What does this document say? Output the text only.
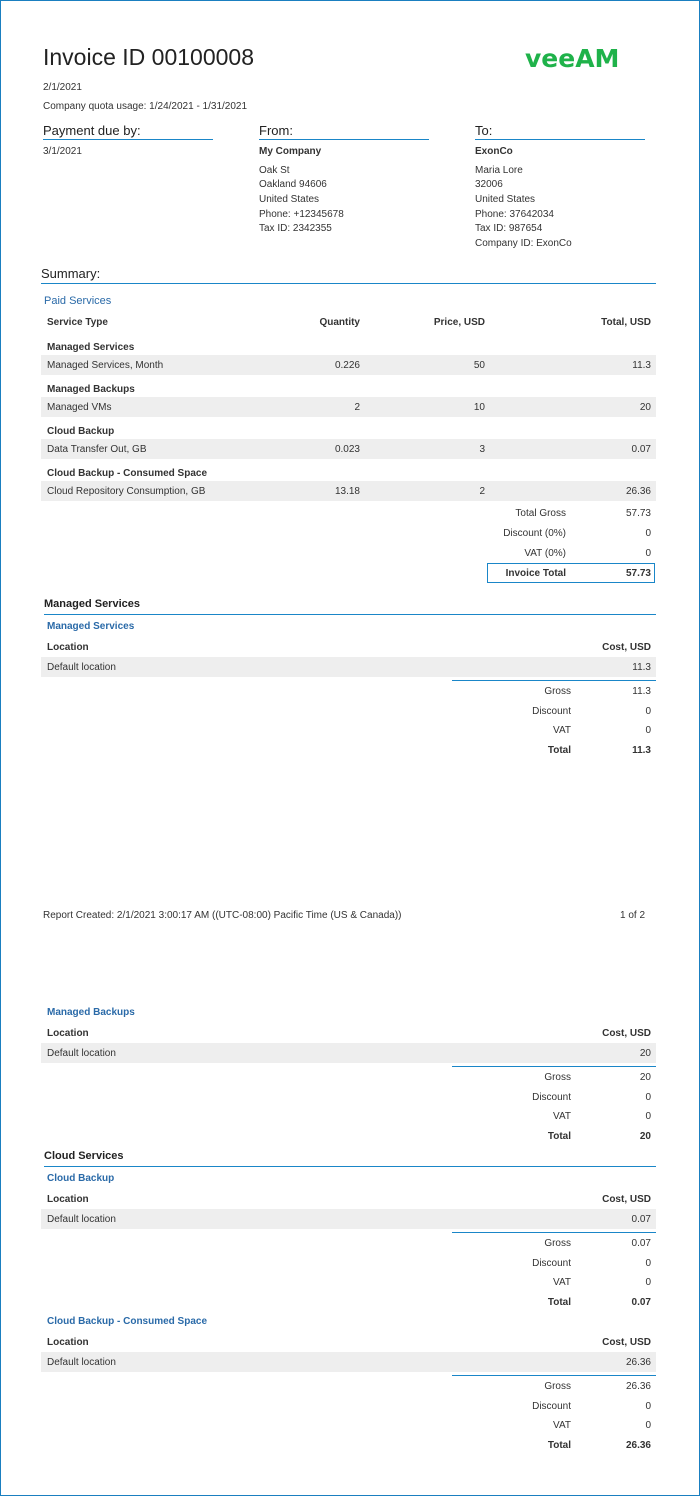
Invoice ID 00100008	veeAM
2/1/2021
Company quota usage: 1/24/2021 - 1/31/2021
Payment due by:
3/1/2021
From:
My Company
Oak St
Oakland 94606
United States
Phone: +12345678
Tax ID: 2342355
To:
ExonCo
Maria Lore
32006
United States
Phone: 37642034
Tax ID: 987654
Company ID: ExonCo
Summary:
Paid Services
Service Type	Quantity	Price, USD	Total, USD
Managed Services
Managed Services, Month	0.226	50	11.3
Managed Backups
Managed VMs	2	10	20
Cloud Backup
Data Transfer Out, GB	0.023	3	0.07
Cloud Backup - Consumed Space
Cloud Repository Consumption, GB	13.18	2	26.36
Total Gross	57.73
Discount (0%)	0
VAT (0%)	0
Invoice Total	57.73
Managed Services
Cloud Services
Managed Services
Location	Cost, USD
Default location	11.3
Gross	11.3
Discount	0
VAT	0
Total	11.3
Managed Backups
Location	Cost, USD
Default location	20
Gross	20
Discount	0
VAT	0
Total	20
Cloud Backup
Location	Cost, USD
Default location	0.07
Gross	0.07
Discount	0
VAT	0
Total	0.07
Cloud Backup - Consumed Space
Location	Cost, USD
Default location	26.36
Gross	26.36
Discount	0
VAT	0
Total	26.36
Report Created: 2/1/2021 3:00:17 AM ((UTC-08:00) Pacific Time (US & Canada))	1 of 2
